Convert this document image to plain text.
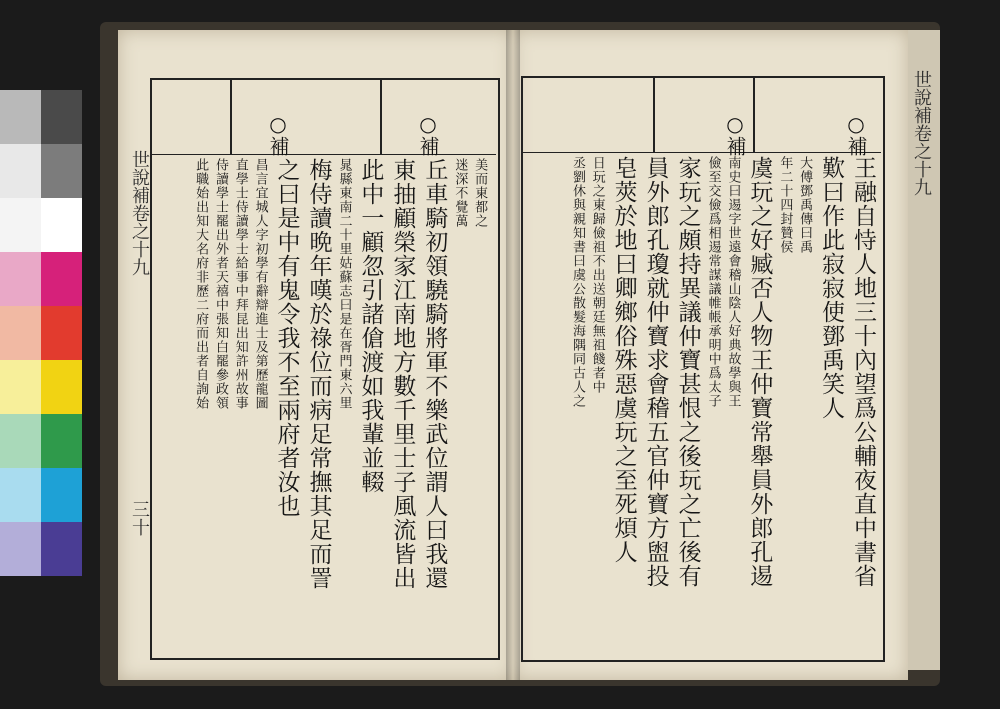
世說補卷之十九
○補
○補
美而東都之
迷深不覺萬
丘車騎初領驍騎將軍不樂武位謂人曰我還
東抽顧榮家江南地方數千里士子風流皆出
此中一顧忽引諸傖渡如我輩並輟
晁縣東南二十里姑蘇志曰是在胥門東六里
梅侍讀晩年嘆於祿位而病足常撫其足而詈
之曰是中有鬼令我不至兩府者汝也
昌言宜城人字初學有辭辯進士及第歷龍圖
直學士侍讀學士給事中拜昆出知許州故事
侍讀學士罷出外者天禧中張知白罷參政領
此職始出知大名府非歷二府而出者自詢始
世說補卷之十九
三十
○補
○補
王融自恃人地三十內望爲公輔夜直中書省
歎曰作此寂寂使鄧禹笑人
大傅鄧禹傳曰禹
年二十四封贊侯
虞玩之好臧否人物王仲寶常舉員外郎孔逷
南史曰逷字世遠會稽山陰人好典故學與王
儉至交儉爲相逷常謀議帷帳承明中爲太子
家玩之頗持異議仲寶甚恨之後玩之亡後有
員外郎孔瓊就仲寶求會稽五官仲寶方盥投
皂莢於地曰卿鄉俗殊惡虞玩之至死煩人
日玩之東歸儉祖不出送朝廷無祖餞者中
丞劉休與親知書曰虞公散髮海隅同古人之
